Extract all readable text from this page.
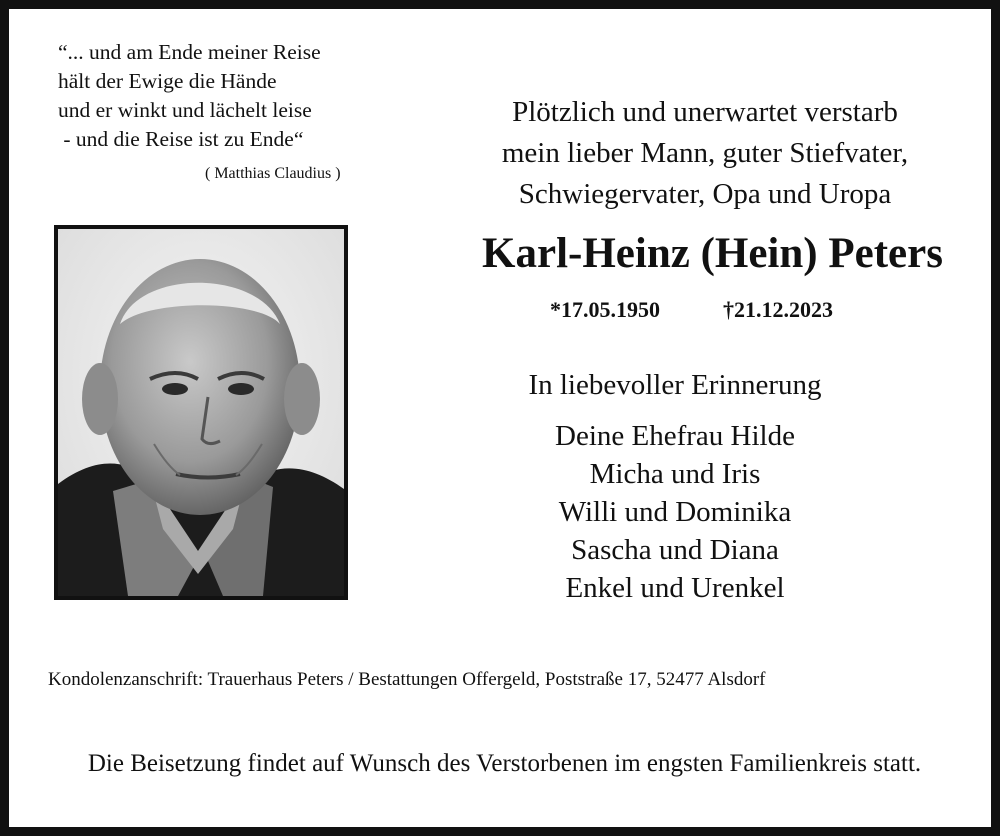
“... und am Ende meiner Reise
hält der Ewige die Hände
und er winkt und lächelt leise
- und die Reise ist zu Ende“
( Matthias Claudius )
Plötzlich und unerwartet verstarb
mein lieber Mann, guter Stiefvater,
Schwiegervater, Opa und Uropa
Karl-Heinz (Hein) Peters
*17.05.1950	†21.12.2023
In liebevoller Erinnerung
Deine Ehefrau Hilde
Micha und Iris
Willi und Dominika
Sascha und Diana
Enkel und Urenkel
Kondolenzanschrift: Trauerhaus Peters / Bestattungen Offergeld, Poststraße 17, 52477 Alsdorf
Die Beisetzung findet auf Wunsch des Verstorbenen im engsten Familienkreis statt.
